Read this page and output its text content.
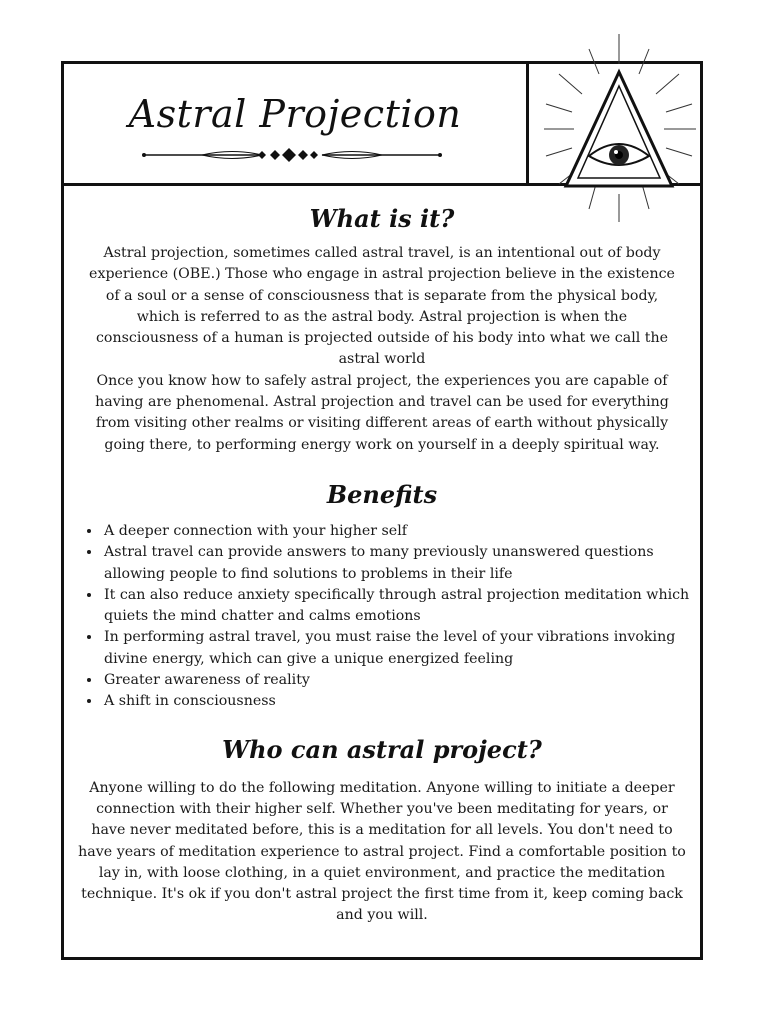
Astral Projection
What is it?

Astral projection, sometimes called astral travel, is an intentional out of body experience (OBE.) Those who engage in astral projection believe in the existence of a soul or a sense of consciousness that is separate from the physical body, which is referred to as the astral body. Astral projection is when the consciousness of a human is projected outside of his body into what we call the astral world

Once you know how to safely astral project, the experiences you are capable of having are phenomenal. Astral projection and travel can be used for everything from visiting other realms or visiting different areas of earth without physically going there, to performing energy work on yourself in a deeply spiritual way.

Benefits
• A deeper connection with your higher self
• Astral travel can provide answers to many previously unanswered questions allowing people to find solutions to problems in their life
• It can also reduce anxiety specifically through astral projection meditation which quiets the mind chatter and calms emotions
• In performing astral travel, you must raise the level of your vibrations invoking divine energy, which can give a unique energized feeling
• Greater awareness of reality
• A shift in consciousness
Who can astral project?

Anyone willing to do the following meditation. Anyone willing to initiate a deeper connection with their higher self. Whether you've been meditating for years, or have never meditated before, this is a meditation for all levels. You don't need to have years of meditation experience to astral project. Find a comfortable position to lay in, with loose clothing, in a quiet environment, and practice the meditation technique. It's ok if you don't astral project the first time from it, keep coming back and you will.
